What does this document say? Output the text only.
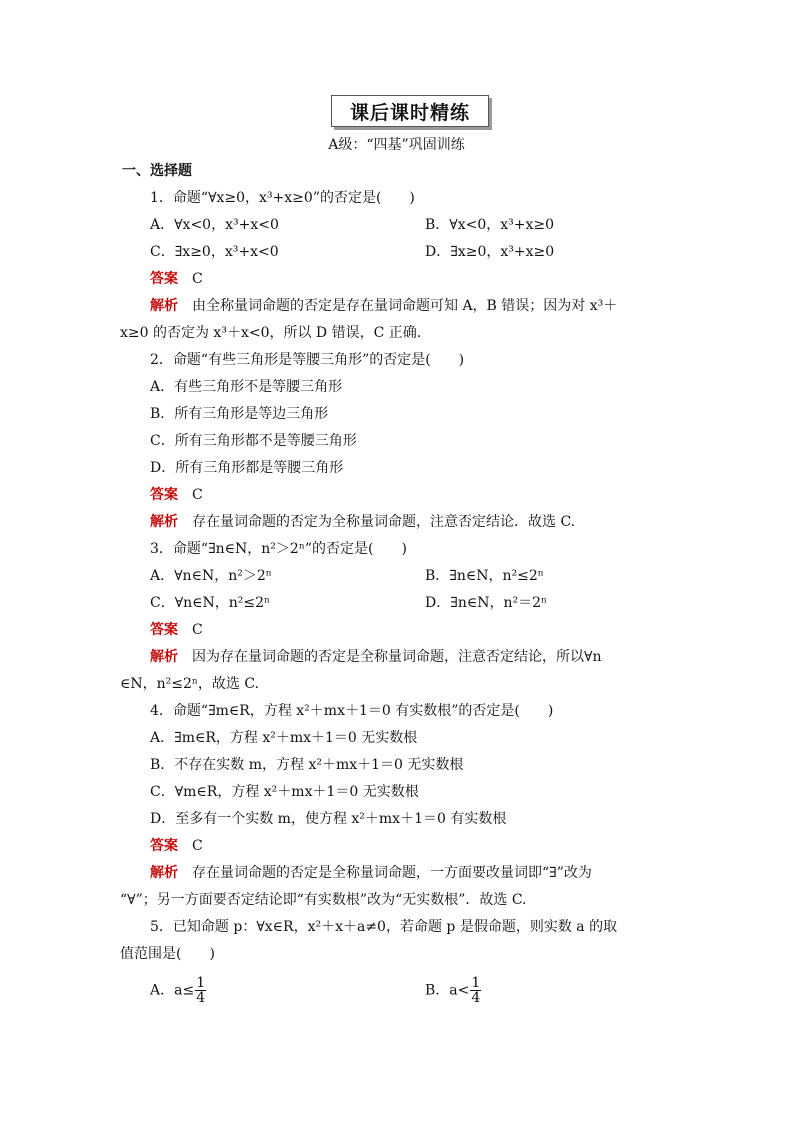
课后课时精练
A级：“四基”巩固训练
一、选择题
1．命题“∀x≥0，x³+x≥0”的否定是(　　)
A．∀x<0，x³+x<0	B．∀x<0，x³+x≥0
C．∃x≥0，x³+x<0	D．∃x≥0，x³+x≥0
答案 C
解析 由全称量词命题的否定是存在量词命题可知 A，B 错误；因为对 x³＋
x≥0 的否定为 x³＋x<0，所以 D 错误，C 正确.
2．命题“有些三角形是等腰三角形”的否定是(　　)
A．有些三角形不是等腰三角形
B．所有三角形是等边三角形
C．所有三角形都不是等腰三角形
D．所有三角形都是等腰三角形
答案 C
解析 存在量词命题的否定为全称量词命题，注意否定结论．故选 C.
3．命题“∃n∈N，n²＞2ⁿ”的否定是(　　)
A．∀n∈N，n²＞2ⁿ	B．∃n∈N，n²≤2ⁿ
C．∀n∈N，n²≤2ⁿ	D．∃n∈N，n²＝2ⁿ
答案 C
解析 因为存在量词命题的否定是全称量词命题，注意否定结论，所以∀n
∈N，n²≤2ⁿ，故选 C.
4．命题“∃m∈R，方程 x²＋mx＋1＝0 有实数根”的否定是(　　)
A．∃m∈R，方程 x²＋mx＋1＝0 无实数根
B．不存在实数 m，方程 x²＋mx＋1＝0 无实数根
C．∀m∈R，方程 x²＋mx＋1＝0 无实数根
D．至多有一个实数 m，使方程 x²＋mx＋1＝0 有实数根
答案 C
解析 存在量词命题的否定是全称量词命题，一方面要改量词即“∃”改为
“∀”；另一方面要否定结论即“有实数根”改为“无实数根”．故选 C.
5．已知命题 p：∀x∈R，x²＋x＋a≠0，若命题 p 是假命题，则实数 a 的取
值范围是(　　)
A．$a\le \frac{1}{4}$	B．$a< \frac{1}{4}$
